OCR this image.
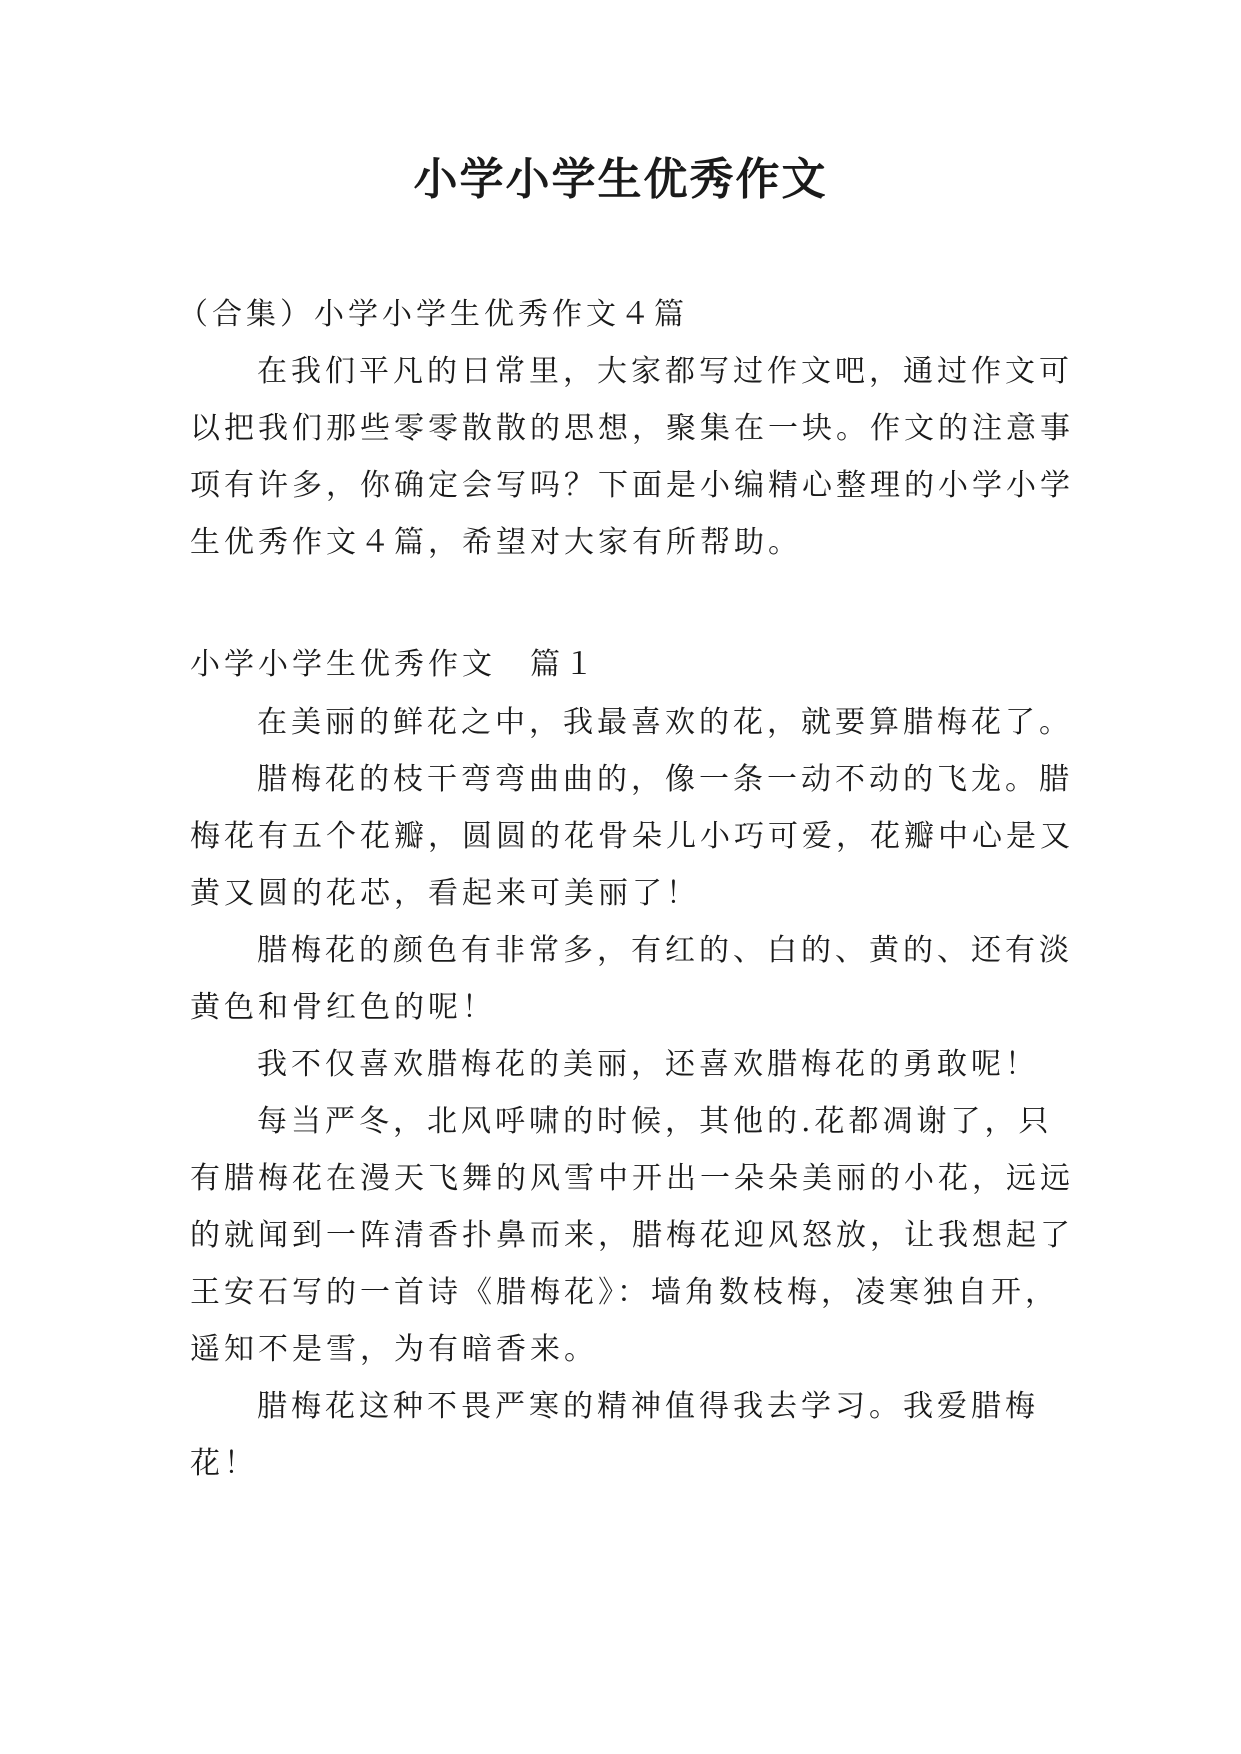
小学小学生优秀作文
（合集）小学小学生优秀作文４篇
在我们平凡的日常里，大家都写过作文吧，通过作文可
以把我们那些零零散散的思想，聚集在一块。作文的注意事
项有许多，你确定会写吗？下面是小编精心整理的小学小学
生优秀作文４篇，希望对大家有所帮助。
小学小学生优秀作文　篇１
在美丽的鲜花之中，我最喜欢的花，就要算腊梅花了。
腊梅花的枝干弯弯曲曲的，像一条一动不动的飞龙。腊
梅花有五个花瓣，圆圆的花骨朵儿小巧可爱，花瓣中心是又
黄又圆的花芯，看起来可美丽了！
腊梅花的颜色有非常多，有红的、白的、黄的、还有淡
黄色和骨红色的呢！
我不仅喜欢腊梅花的美丽，还喜欢腊梅花的勇敢呢！
每当严冬，北风呼啸的时候，其他的.花都凋谢了，只
有腊梅花在漫天飞舞的风雪中开出一朵朵美丽的小花，远远
的就闻到一阵清香扑鼻而来，腊梅花迎风怒放，让我想起了
王安石写的一首诗《腊梅花》：墙角数枝梅，凌寒独自开，
遥知不是雪，为有暗香来。
腊梅花这种不畏严寒的精神值得我去学习。我爱腊梅
花！
